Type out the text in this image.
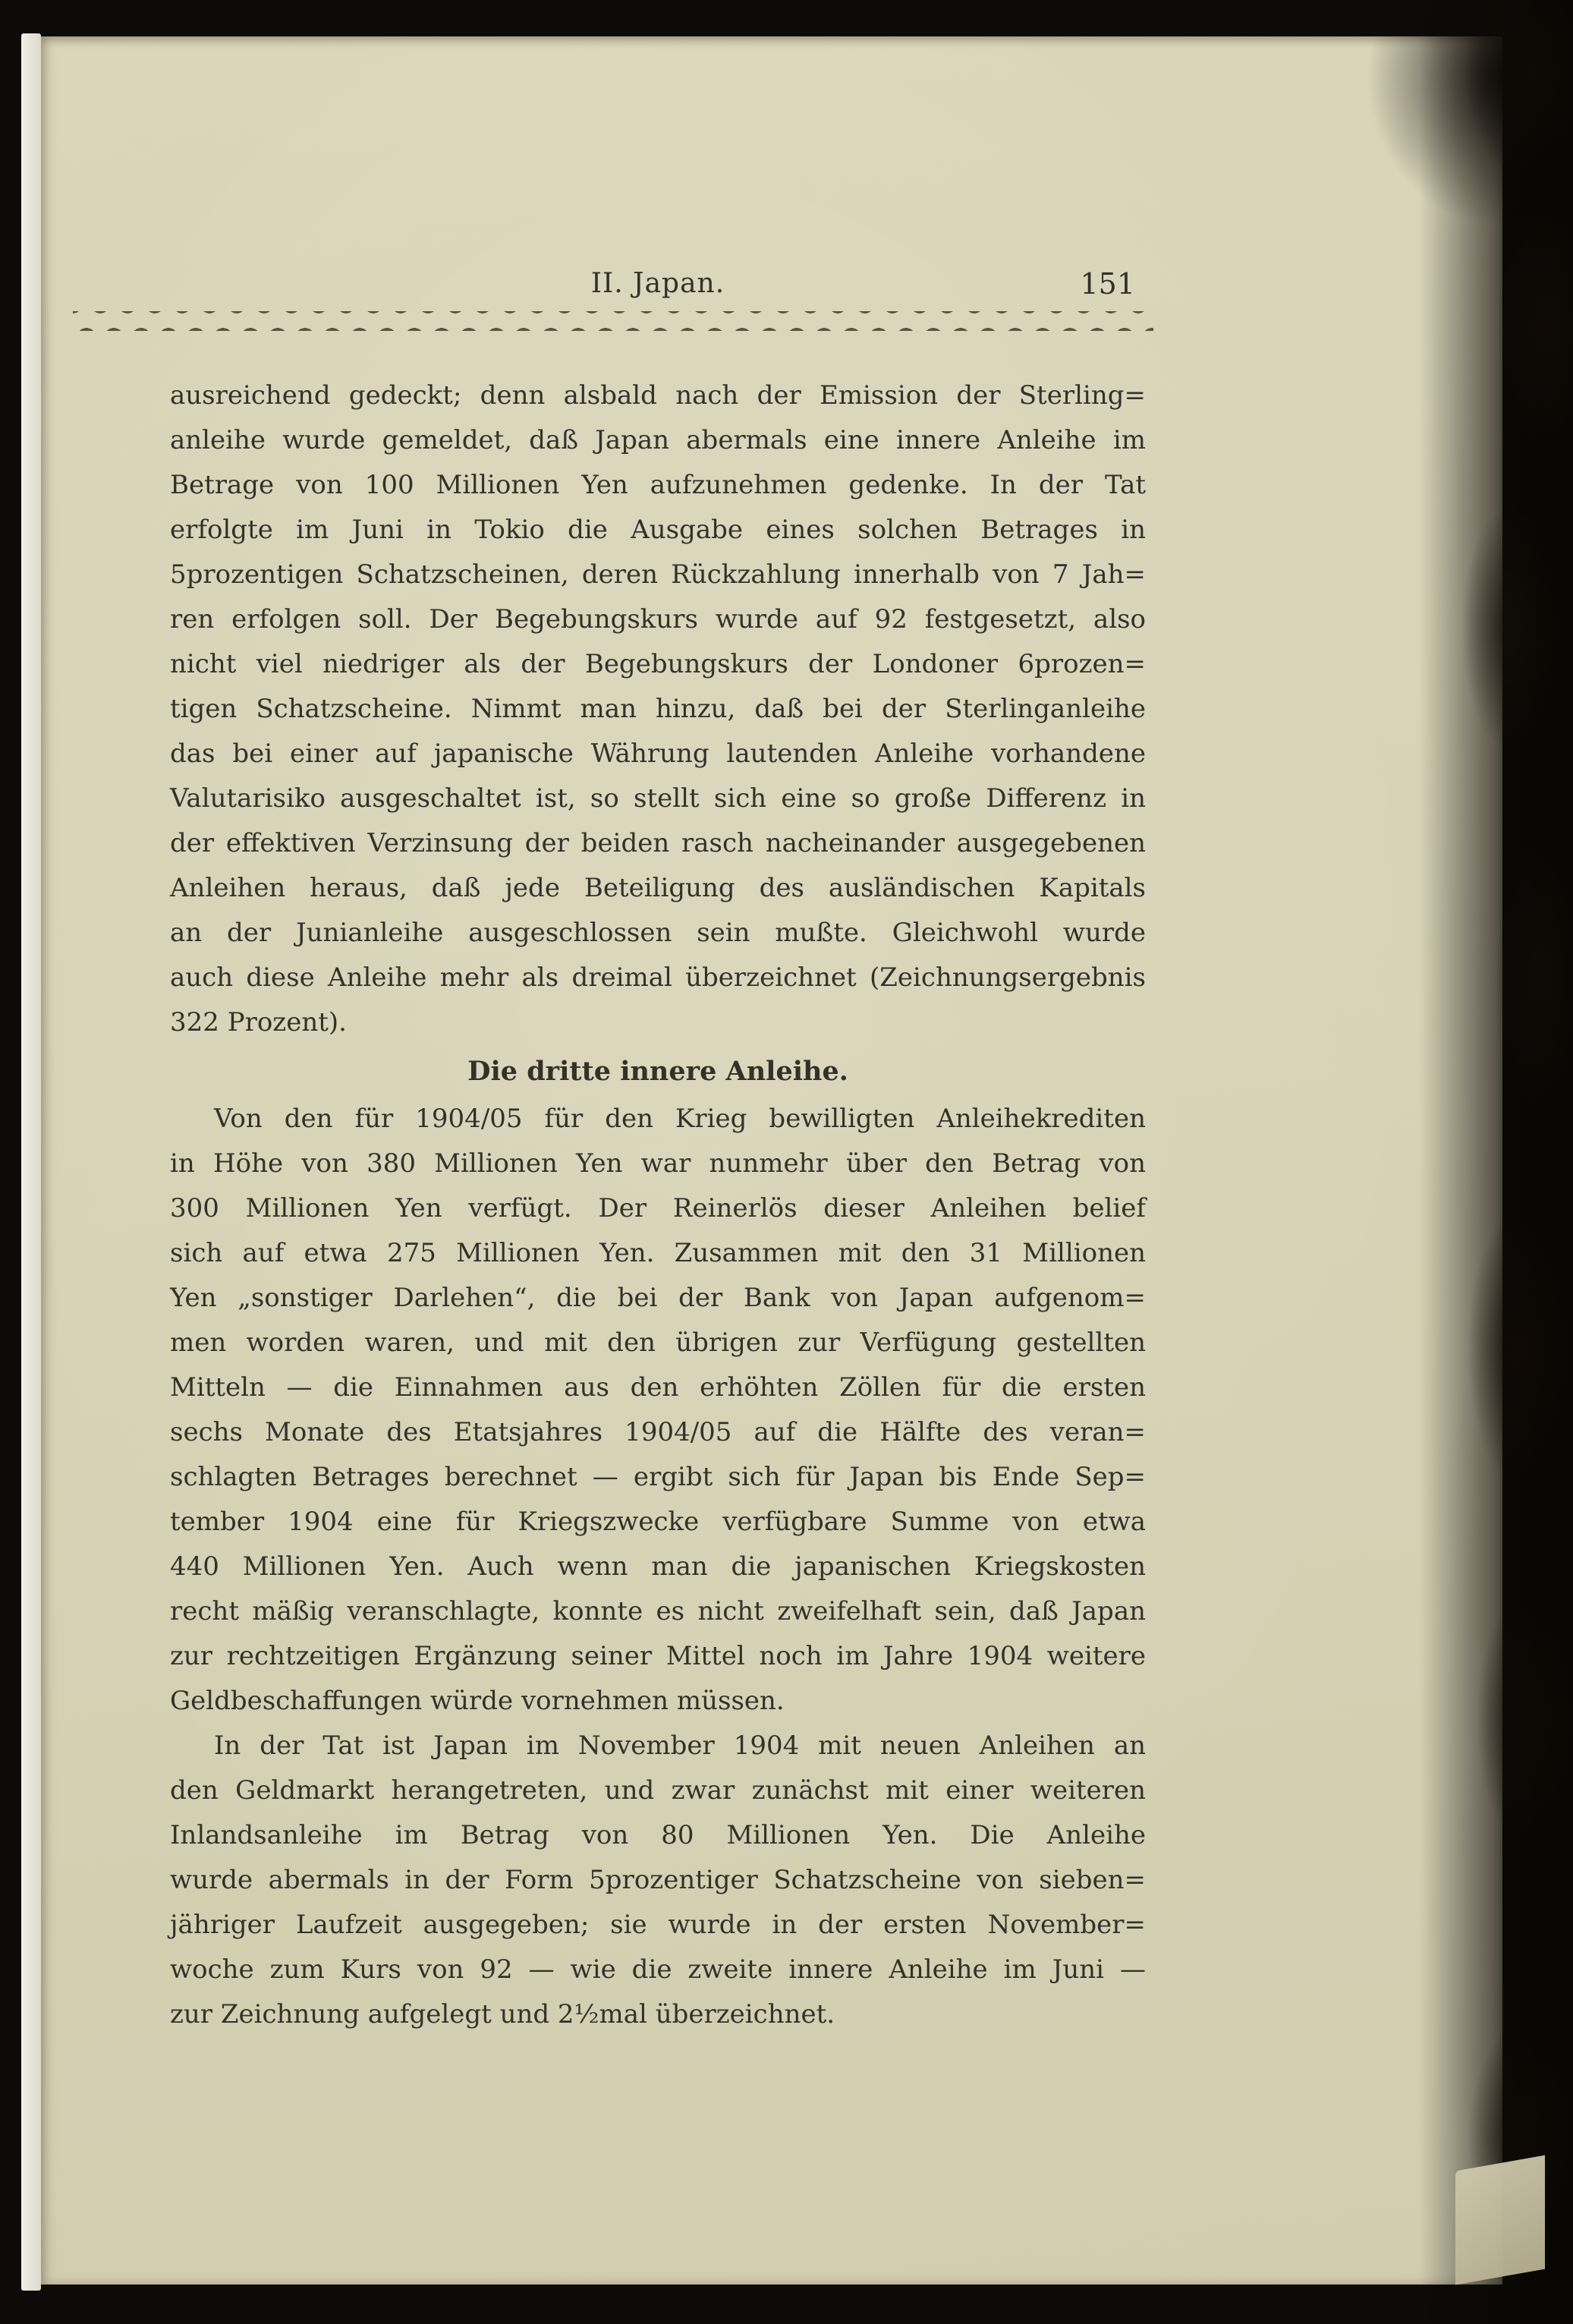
II. Japan.	151
ausreichend gedeckt; denn alsbald nach der Emission der Sterling=
anleihe wurde gemeldet, daß Japan abermals eine innere Anleihe im
Betrage von 100 Millionen Yen aufzunehmen gedenke. In der Tat
erfolgte im Juni in Tokio die Ausgabe eines solchen Betrages in
5prozentigen Schatzscheinen, deren Rückzahlung innerhalb von 7 Jah=
ren erfolgen soll. Der Begebungskurs wurde auf 92 festgesetzt, also
nicht viel niedriger als der Begebungskurs der Londoner 6prozen=
tigen Schatzscheine. Nimmt man hinzu, daß bei der Sterlinganleihe
das bei einer auf japanische Währung lautenden Anleihe vorhandene
Valutarisiko ausgeschaltet ist, so stellt sich eine so große Differenz in
der effektiven Verzinsung der beiden rasch nacheinander ausgegebenen
Anleihen heraus, daß jede Beteiligung des ausländischen Kapitals
an der Junianleihe ausgeschlossen sein mußte. Gleichwohl wurde
auch diese Anleihe mehr als dreimal überzeichnet (Zeichnungsergebnis
322 Prozent).
Die dritte innere Anleihe.
Von den für 1904/05 für den Krieg bewilligten Anleihekrediten
in Höhe von 380 Millionen Yen war nunmehr über den Betrag von
300 Millionen Yen verfügt. Der Reinerlös dieser Anleihen belief
sich auf etwa 275 Millionen Yen. Zusammen mit den 31 Millionen
Yen „sonstiger Darlehen“, die bei der Bank von Japan aufgenom=
men worden waren, und mit den übrigen zur Verfügung gestellten
Mitteln — die Einnahmen aus den erhöhten Zöllen für die ersten
sechs Monate des Etatsjahres 1904/05 auf die Hälfte des veran=
schlagten Betrages berechnet — ergibt sich für Japan bis Ende Sep=
tember 1904 eine für Kriegszwecke verfügbare Summe von etwa
440 Millionen Yen. Auch wenn man die japanischen Kriegskosten
recht mäßig veranschlagte, konnte es nicht zweifelhaft sein, daß Japan
zur rechtzeitigen Ergänzung seiner Mittel noch im Jahre 1904 weitere
Geldbeschaffungen würde vornehmen müssen.
In der Tat ist Japan im November 1904 mit neuen Anleihen an
den Geldmarkt herangetreten, und zwar zunächst mit einer weiteren
Inlandsanleihe im Betrag von 80 Millionen Yen. Die Anleihe
wurde abermals in der Form 5prozentiger Schatzscheine von sieben=
jähriger Laufzeit ausgegeben; sie wurde in der ersten November=
woche zum Kurs von 92 — wie die zweite innere Anleihe im Juni —
zur Zeichnung aufgelegt und 2½mal überzeichnet.
